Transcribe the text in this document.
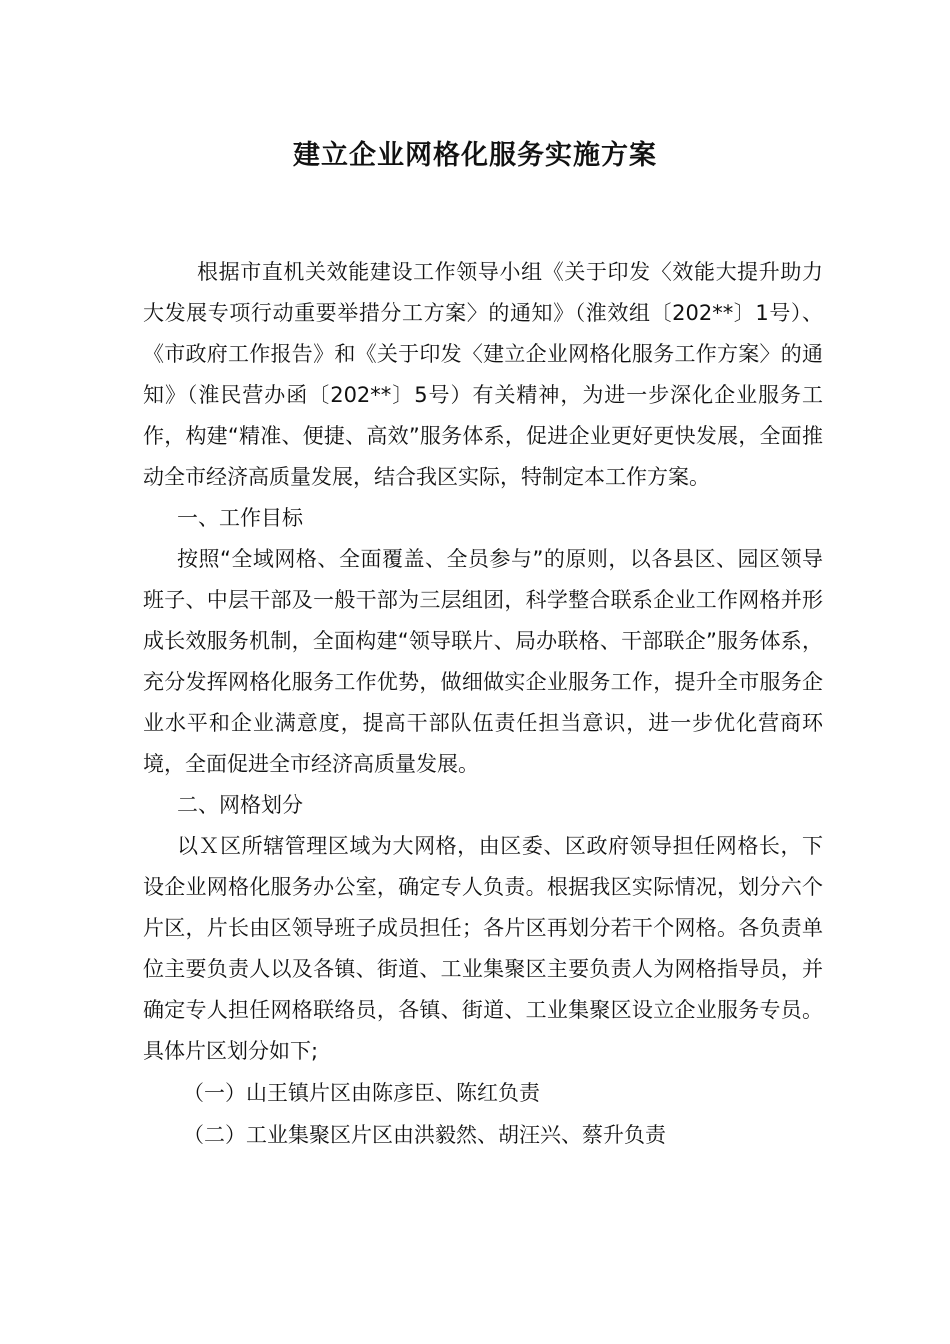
建立企业网格化服务实施方案

根据市直机关效能建设工作领导小组《关于印发〈效能大提升助力大发展专项行动重要举措分工方案〉的通知》（淮效组〔202**〕1号）、《市政府工作报告》和《关于印发〈建立企业网格化服务工作方案〉的通知》（淮民营办函〔202**〕5号）有关精神，为进一步深化企业服务工作，构建“精准、便捷、高效”服务体系，促进企业更好更快发展，全面推动全市经济高质量发展，结合我区实际，特制定本工作方案。

一、工作目标

按照“全域网格、全面覆盖、全员参与”的原则，以各县区、园区领导班子、中层干部及一般干部为三层组团，科学整合联系企业工作网格并形成长效服务机制，全面构建“领导联片、局办联格、干部联企”服务体系，充分发挥网格化服务工作优势，做细做实企业服务工作，提升全市服务企业水平和企业满意度，提高干部队伍责任担当意识，进一步优化营商环境，全面促进全市经济高质量发展。

二、网格划分

以Ｘ区所辖管理区域为大网格，由区委、区政府领导担任网格长，下设企业网格化服务办公室，确定专人负责。根据我区实际情况，划分六个片区，片长由区领导班子成员担任；各片区再划分若干个网格。各负责单位主要负责人以及各镇、街道、工业集聚区主要负责人为网格指导员，并确定专人担任网格联络员，各镇、街道、工业集聚区设立企业服务专员。具体片区划分如下;

（一）山王镇片区由陈彦臣、陈红负责

（二）工业集聚区片区由洪毅然、胡汪兴、蔡升负责
